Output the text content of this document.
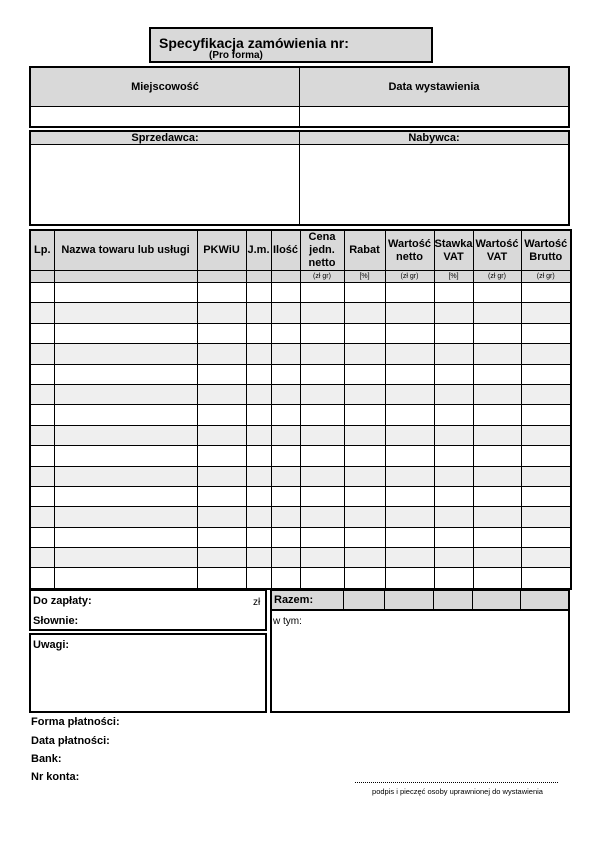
Specyfikacja zamówienia nr:
(Pro forma)
Miejscowość	Data wystawienia
Sprzedawca:	Nabywca:
Lp.	Nazwa towaru lub usługi	PKWiU	J.m.	Ilość	Cena jedn. netto	Rabat	Wartość netto	Stawka VAT	Wartość VAT	Wartość Brutto
					(zł gr)	[%]	(zł gr)	[%]	(zł gr)	(zł gr)

Do zapłaty:	zł
Słownie:
Uwagi:
Razem:
w tym:
Forma płatności:
Data płatności:
Bank:
Nr konta:
podpis i pieczęć osoby uprawnionej do wystawienia
